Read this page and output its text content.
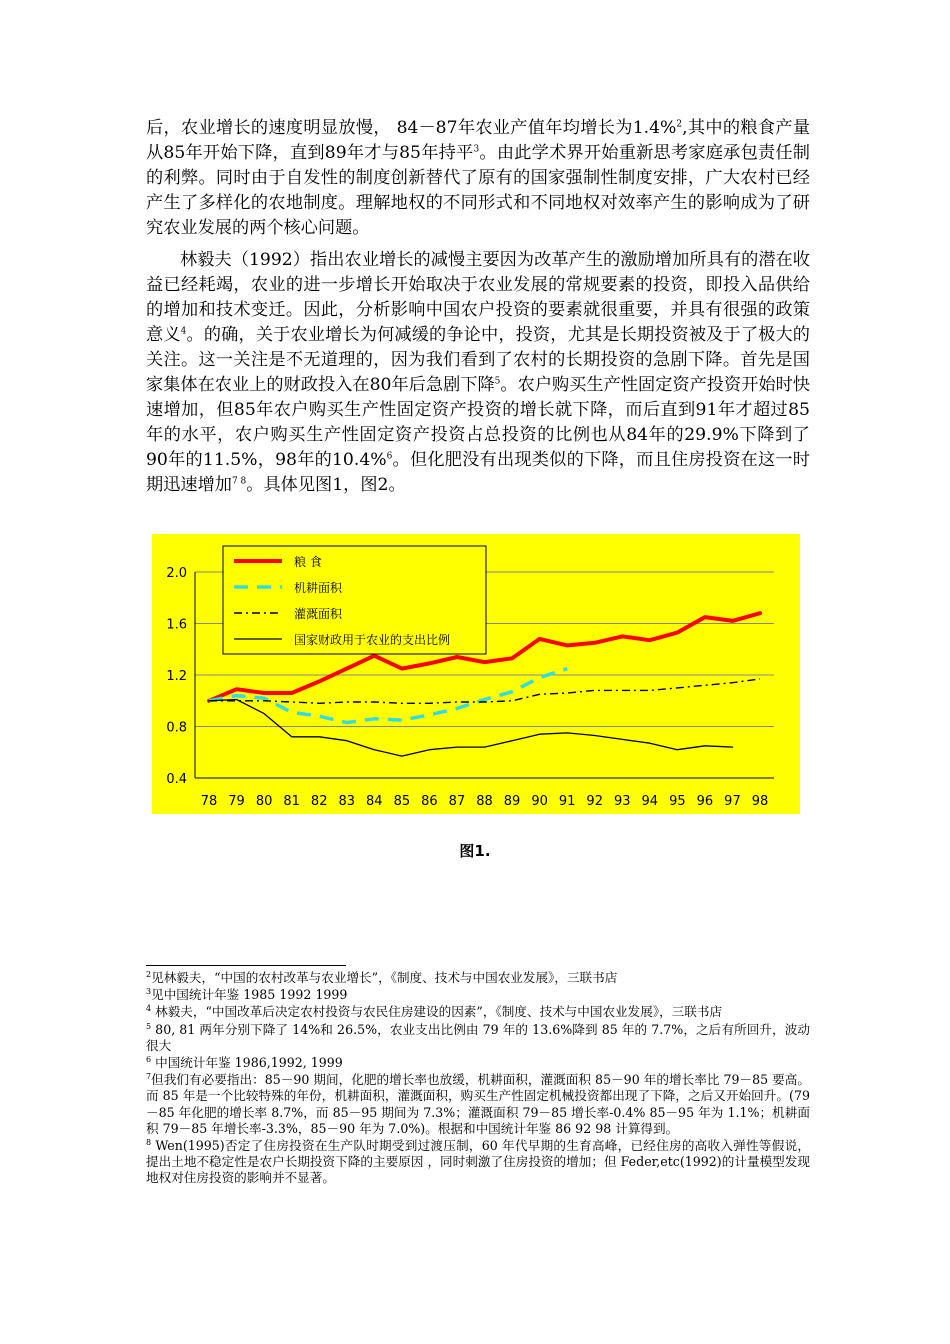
后，农业增长的速度明显放慢， 84－87年农业产值年均增长为1.4%$^2$,其中的粮食产量从85年开始下降，直到89年才与85年持平$^3$。由此学术界开始重新思考家庭承包责任制的利弊。同时由于自发性的制度创新替代了原有的国家强制性制度安排，广大农村已经产生了多样化的农地制度。理解地权的不同形式和不同地权对效率产生的影响成为了研究农业发展的两个核心问题。

林毅夫（1992）指出农业增长的减慢主要因为改革产生的激励增加所具有的潜在收益已经耗竭，农业的进一步增长开始取决于农业发展的常规要素的投资，即投入品供给的增加和技术变迁。因此，分析影响中国农户投资的要素就很重要，并具有很强的政策意义$^4$。的确，关于农业增长为何减缓的争论中，投资，尤其是长期投资被及于了极大的关注。这一关注是不无道理的，因为我们看到了农村的长期投资的急剧下降。首先是国家集体在农业上的财政投入在80年后急剧下降$^5$。农户购买生产性固定资产投资开始时快速增加，但85年农户购买生产性固定资产投资的增长就下降，而后直到91年才超过85年的水平，农户购买生产性固定资产投资占总投资的比例也从84年的29.9%下降到了90年的11.5%，98年的10.4%$^6$。但化肥没有出现类似的下降，而且住房投资在这一时期迅速增加$^{7 8}$。具体见图1，图2。

2.0
1.6
1.2
0.8
0.4
78 79 80 81 82 83 84 85 86 87 88 89 90 91 92 93 94 95 96 97 98
粮 食
机耕面积
灌溉面积
国家财政用于农业的支出比例
图1.

$^2$见林毅夫，“中国的农村改革与农业增长”，《制度、技术与中国农业发展》，三联书店

$^3$见中国统计年鉴 1985 1992 1999

$^4$ 林毅夫，“中国改革后决定农村投资与农民住房建设的因素”，《制度、技术与中国农业发展》，三联书店

$^5$ 80, 81 两年分别下降了 14%和 26.5%，农业支出比例由 79 年的 13.6%降到 85 年的 7.7%，之后有所回升，波动很大

$^6$ 中国统计年鉴 1986,1992, 1999

$^7$但我们有必要指出：85－90 期间，化肥的增长率也放缓，机耕面积，灌溉面积 85－90 年的增长率比 79－85 要高。而 85 年是一个比较特殊的年份，机耕面积，灌溉面积，购买生产性固定机械投资都出现了下降，之后又开始回升。(79－85 年化肥的增长率 8.7%，而 85－95 期间为 7.3%；灌溉面积 79－85 增长率-0.4% 85－95 年为 1.1%；机耕面积 79－85 年增长率-3.3%，85－90 年为 7.0%)。根据和中国统计年鉴 86 92 98 计算得到。

$^8$ Wen(1995)否定了住房投资在生产队时期受到过渡压制，60 年代早期的生育高峰，已经住房的高收入弹性等假说，提出土地不稳定性是农户长期投资下降的主要原因 ，同时刺激了住房投资的增加；但 Feder,etc(1992)的计量模型发现地权对住房投资的影响并不显著。
